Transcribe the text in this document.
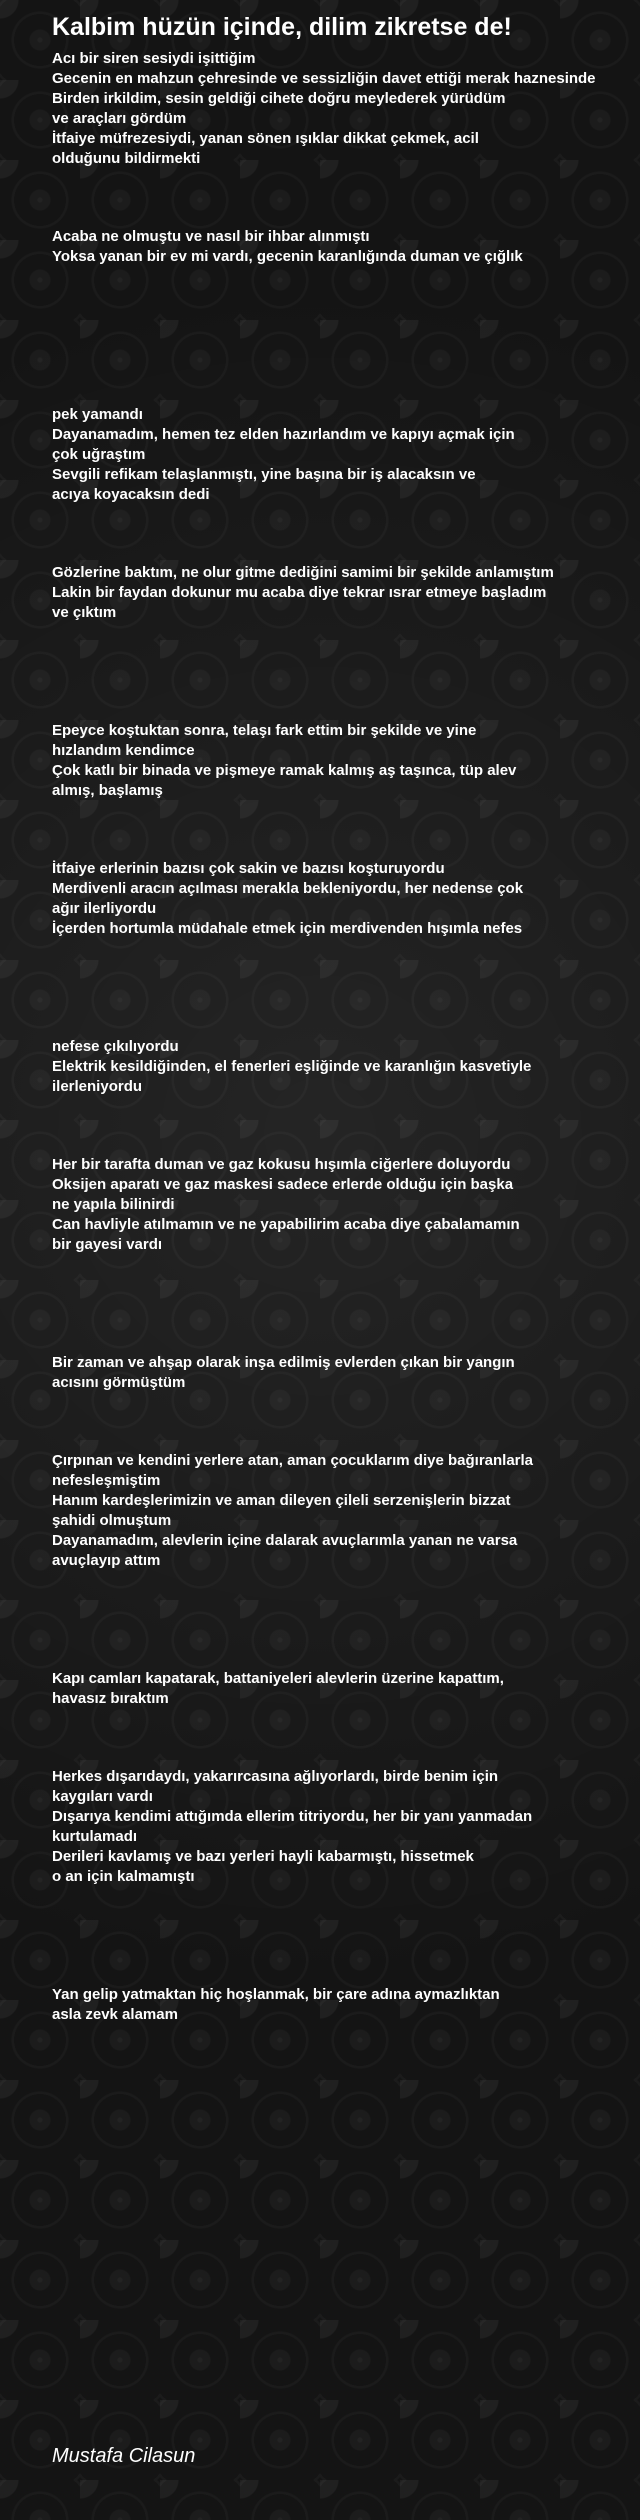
Kalbim hüzün içinde, dilim zikretse de!

Acı bir siren sesiydi işittiğim
Gecenin en mahzun çehresinde ve sessizliğin davet ettiği merak haznesinde
Birden irkildim, sesin geldiği cihete doğru meylederek yürüdüm
ve araçları gördüm
İtfaiye müfrezesiydi, yanan sönen ışıklar dikkat çekmek, acil
olduğunu bildirmekti

Acaba ne olmuştu ve nasıl bir ihbar alınmıştı
Yoksa yanan bir ev mi vardı, gecenin karanlığında duman ve çığlık

pek yamandı
Dayanamadım, hemen tez elden hazırlandım ve kapıyı açmak için
çok uğraştım
Sevgili refikam telaşlanmıştı, yine başına bir iş alacaksın ve
acıya koyacaksın dedi

Gözlerine baktım, ne olur gitme dediğini samimi bir şekilde anlamıştım
Lakin bir faydan dokunur mu acaba diye tekrar ısrar etmeye başladım
ve çıktım

Epeyce koştuktan sonra, telaşı fark ettim bir şekilde ve yine
hızlandım kendimce
Çok katlı bir binada ve pişmeye ramak kalmış aş taşınca, tüp alev
almış, başlamış

İtfaiye erlerinin bazısı çok sakin ve bazısı koşturuyordu
Merdivenli aracın açılması merakla bekleniyordu, her nedense çok
ağır ilerliyordu
İçerden hortumla müdahale etmek için merdivenden hışımla nefes

nefese çıkılıyordu
Elektrik kesildiğinden, el fenerleri eşliğinde ve karanlığın kasvetiyle
ilerleniyordu

Her bir tarafta duman ve gaz kokusu hışımla ciğerlere doluyordu
Oksijen aparatı ve gaz maskesi sadece erlerde olduğu için başka
ne yapıla bilinirdi
Can havliyle atılmamın ve ne yapabilirim acaba diye çabalamamın
bir gayesi vardı

Bir zaman ve ahşap olarak inşa edilmiş evlerden çıkan bir yangın
acısını görmüştüm

Çırpınan ve kendini yerlere atan, aman çocuklarım diye bağıranlarla
nefesleşmiştim
Hanım kardeşlerimizin ve aman dileyen çileli serzenişlerin bizzat
şahidi olmuştum
Dayanamadım, alevlerin içine dalarak avuçlarımla yanan ne varsa
avuçlayıp attım

Kapı camları kapatarak, battaniyeleri alevlerin üzerine kapattım,
havasız bıraktım

Herkes dışarıdaydı, yakarırcasına ağlıyorlardı, birde benim için
kaygıları vardı
Dışarıya kendimi attığımda ellerim titriyordu, her bir yanı yanmadan
kurtulamadı
Derileri kavlamış ve bazı yerleri hayli kabarmıştı, hissetmek
o an için kalmamıştı

Yan gelip yatmaktan hiç hoşlanmak, bir çare adına aymazlıktan
asla zevk alamam

Mustafa Cilasun
